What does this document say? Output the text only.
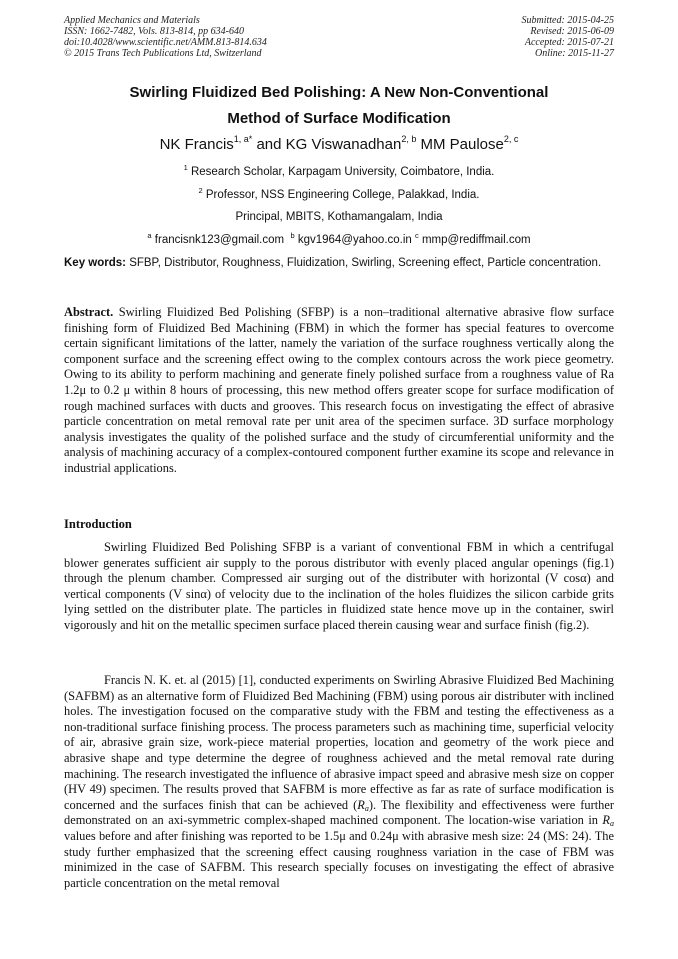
Applied Mechanics and Materials
ISSN: 1662-7482, Vols. 813-814, pp 634-640
doi:10.4028/www.scientific.net/AMM.813-814.634
© 2015 Trans Tech Publications Ltd, Switzerland
Submitted: 2015-04-25
Revised: 2015-06-09
Accepted: 2015-07-21
Online: 2015-11-27
Swirling Fluidized Bed Polishing: A New Non-Conventional
Method of Surface Modification
NK Francis$^{1, a*}$ and KG Viswanadhan$^{2, b}$ MM Paulose$^{2, c}$
$^1$ Research Scholar, Karpagam University, Coimbatore, India.
$^2$ Professor, NSS Engineering College, Palakkad, India.
Principal, MBITS, Kothamangalam, India
$^a$ francisnk123@gmail.com $^b$ kgv1964@yahoo.co.in $^c$ mmp@rediffmail.com
Key words: SFBP, Distributor, Roughness, Fluidization, Swirling, Screening effect, Particle concentration.
Abstract. Swirling Fluidized Bed Polishing (SFBP) is a non–traditional alternative abrasive flow surface finishing form of Fluidized Bed Machining (FBM) in which the former has special features to overcome certain significant limitations of the latter, namely the variation of the surface roughness vertically along the component surface and the screening effect owing to the complex contours across the work piece geometry. Owing to its ability to perform machining and generate finely polished surface from a roughness value of Ra 1.2μ to 0.2 μ within 8 hours of processing, this new method offers greater scope for surface modification of rough machined surfaces with ducts and grooves. This research focus on investigating the effect of abrasive particle concentration on metal removal rate per unit area of the specimen surface. 3D surface morphology analysis investigates the quality of the polished surface and the study of circumferential uniformity and the analysis of machining accuracy of a complex-contoured component further examine its scope and relevance in industrial applications.
Introduction
Swirling Fluidized Bed Polishing SFBP is a variant of conventional FBM in which a centrifugal blower generates sufficient air supply to the porous distributor with evenly placed angular openings (fig.1) through the plenum chamber. Compressed air surging out of the distributer with horizontal (V cosα) and vertical components (V sinα) of velocity due to the inclination of the holes fluidizes the silicon carbide grits lying settled on the distributer plate. The particles in fluidized state hence move up in the container, swirl vigorously and hit on the metallic specimen surface placed therein causing wear and surface finish (fig.2).
Francis N. K. et. al (2015) [1], conducted experiments on Swirling Abrasive Fluidized Bed Machining (SAFBM) as an alternative form of Fluidized Bed Machining (FBM) using porous air distributer with inclined holes. The investigation focused on the comparative study with the FBM and testing the effectiveness as a non-traditional surface finishing process. The process parameters such as machining time, superficial velocity of air, abrasive grain size, work-piece material properties, location and geometry of the work piece and abrasive shape and type determine the degree of roughness achieved and the metal removal rate during machining. The research investigated the influence of abrasive impact speed and abrasive mesh size on copper (HV 49) specimen. The results proved that SAFBM is more effective as far as rate of surface modification is concerned and the surfaces finish that can be achieved $(R_a)$. The flexibility and effectiveness were further demonstrated on an axi-symmetric complex-shaped machined component. The location-wise variation in $R_a$ values before and after finishing was reported to be 1.5μ and 0.24μ with abrasive mesh size: 24 (MS: 24). The study further emphasized that the screening effect causing roughness variation in the case of FBM was minimized in the case of SAFBM. This research specially focuses on investigating the effect of abrasive particle concentration on the metal removal
